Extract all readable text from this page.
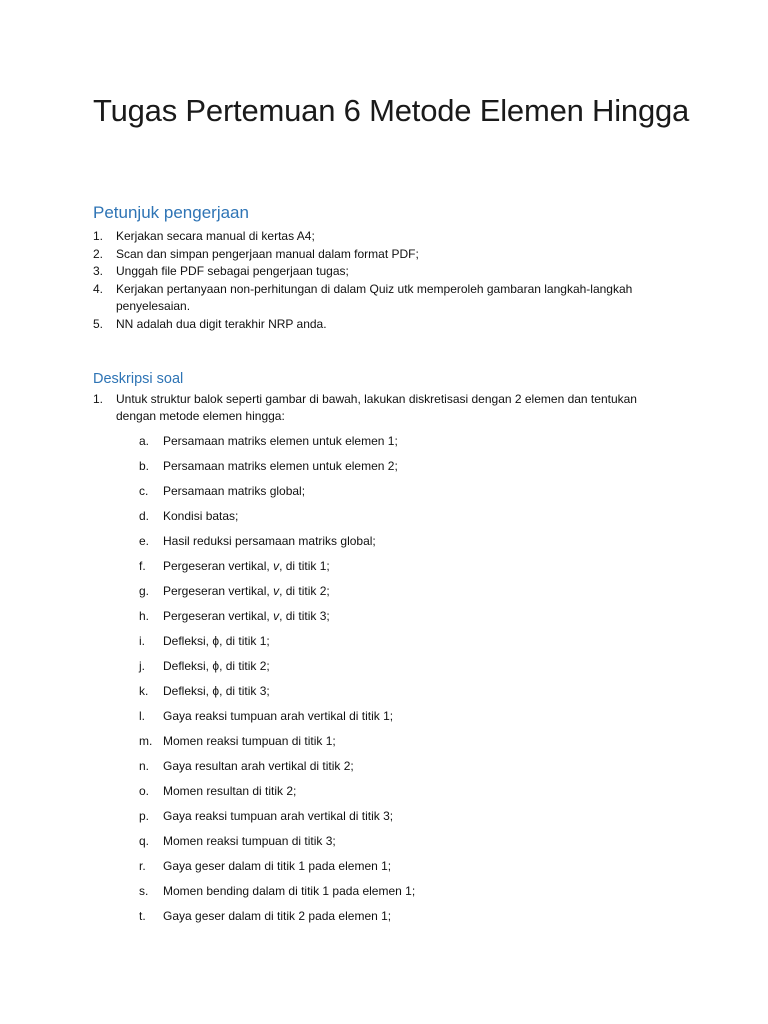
Tugas Pertemuan 6 Metode Elemen Hingga
Petunjuk pengerjaan
1. Kerjakan secara manual di kertas A4;
2. Scan dan simpan pengerjaan manual dalam format PDF;
3. Unggah file PDF sebagai pengerjaan tugas;
4. Kerjakan pertanyaan non-perhitungan di dalam Quiz utk memperoleh gambaran langkah-langkah penyelesaian.
5. NN adalah dua digit terakhir NRP anda.
Deskripsi soal
1. Untuk struktur balok seperti gambar di bawah, lakukan diskretisasi dengan 2 elemen dan tentukan dengan metode elemen hingga:
a. Persamaan matriks elemen untuk elemen 1;
b. Persamaan matriks elemen untuk elemen 2;
c. Persamaan matriks global;
d. Kondisi batas;
e. Hasil reduksi persamaan matriks global;
f. Pergeseran vertikal, v, di titik 1;
g. Pergeseran vertikal, v, di titik 2;
h. Pergeseran vertikal, v, di titik 3;
i. Defleksi, ϕ, di titik 1;
j. Defleksi, ϕ, di titik 2;
k. Defleksi, ϕ, di titik 3;
l. Gaya reaksi tumpuan arah vertikal di titik 1;
m. Momen reaksi tumpuan di titik 1;
n. Gaya resultan arah vertikal di titik 2;
o. Momen resultan di titik 2;
p. Gaya reaksi tumpuan arah vertikal di titik 3;
q. Momen reaksi tumpuan di titik 3;
r. Gaya geser dalam di titik 1 pada elemen 1;
s. Momen bending dalam di titik 1 pada elemen 1;
t. Gaya geser dalam di titik 2 pada elemen 1;
